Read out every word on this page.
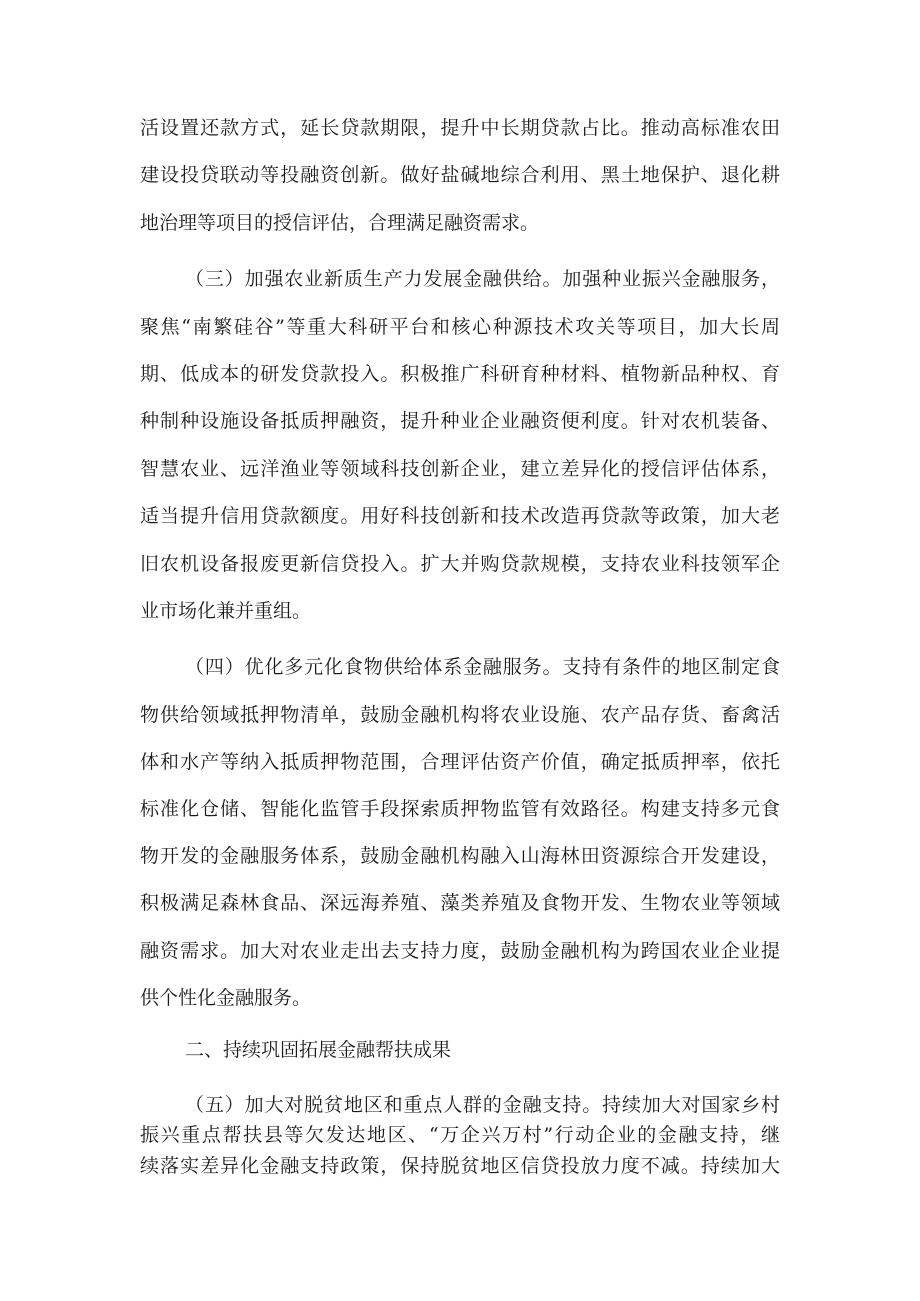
活设置还款方式，延长贷款期限，提升中长期贷款占比。推动高标准农田
建设投贷联动等投融资创新。做好盐碱地综合利用、黑土地保护、退化耕
地治理等项目的授信评估，合理满足融资需求。
（三）加强农业新质生产力发展金融供给。加强种业振兴金融服务，
聚焦“南繁硅谷”等重大科研平台和核心种源技术攻关等项目，加大长周
期、低成本的研发贷款投入。积极推广科研育种材料、植物新品种权、育
种制种设施设备抵质押融资，提升种业企业融资便利度。针对农机装备、
智慧农业、远洋渔业等领域科技创新企业，建立差异化的授信评估体系，
适当提升信用贷款额度。用好科技创新和技术改造再贷款等政策，加大老
旧农机设备报废更新信贷投入。扩大并购贷款规模，支持农业科技领军企
业市场化兼并重组。
（四）优化多元化食物供给体系金融服务。支持有条件的地区制定食
物供给领域抵押物清单，鼓励金融机构将农业设施、农产品存货、畜禽活
体和水产等纳入抵质押物范围，合理评估资产价值，确定抵质押率，依托
标准化仓储、智能化监管手段探索质押物监管有效路径。构建支持多元食
物开发的金融服务体系，鼓励金融机构融入山海林田资源综合开发建设，
积极满足森林食品、深远海养殖、藻类养殖及食物开发、生物农业等领域
融资需求。加大对农业走出去支持力度，鼓励金融机构为跨国农业企业提
供个性化金融服务。
二、持续巩固拓展金融帮扶成果
（五）加大对脱贫地区和重点人群的金融支持。持续加大对国家乡村
振兴重点帮扶县等欠发达地区、“万企兴万村”行动企业的金融支持，继
续落实差异化金融支持政策，保持脱贫地区信贷投放力度不减。持续加大
